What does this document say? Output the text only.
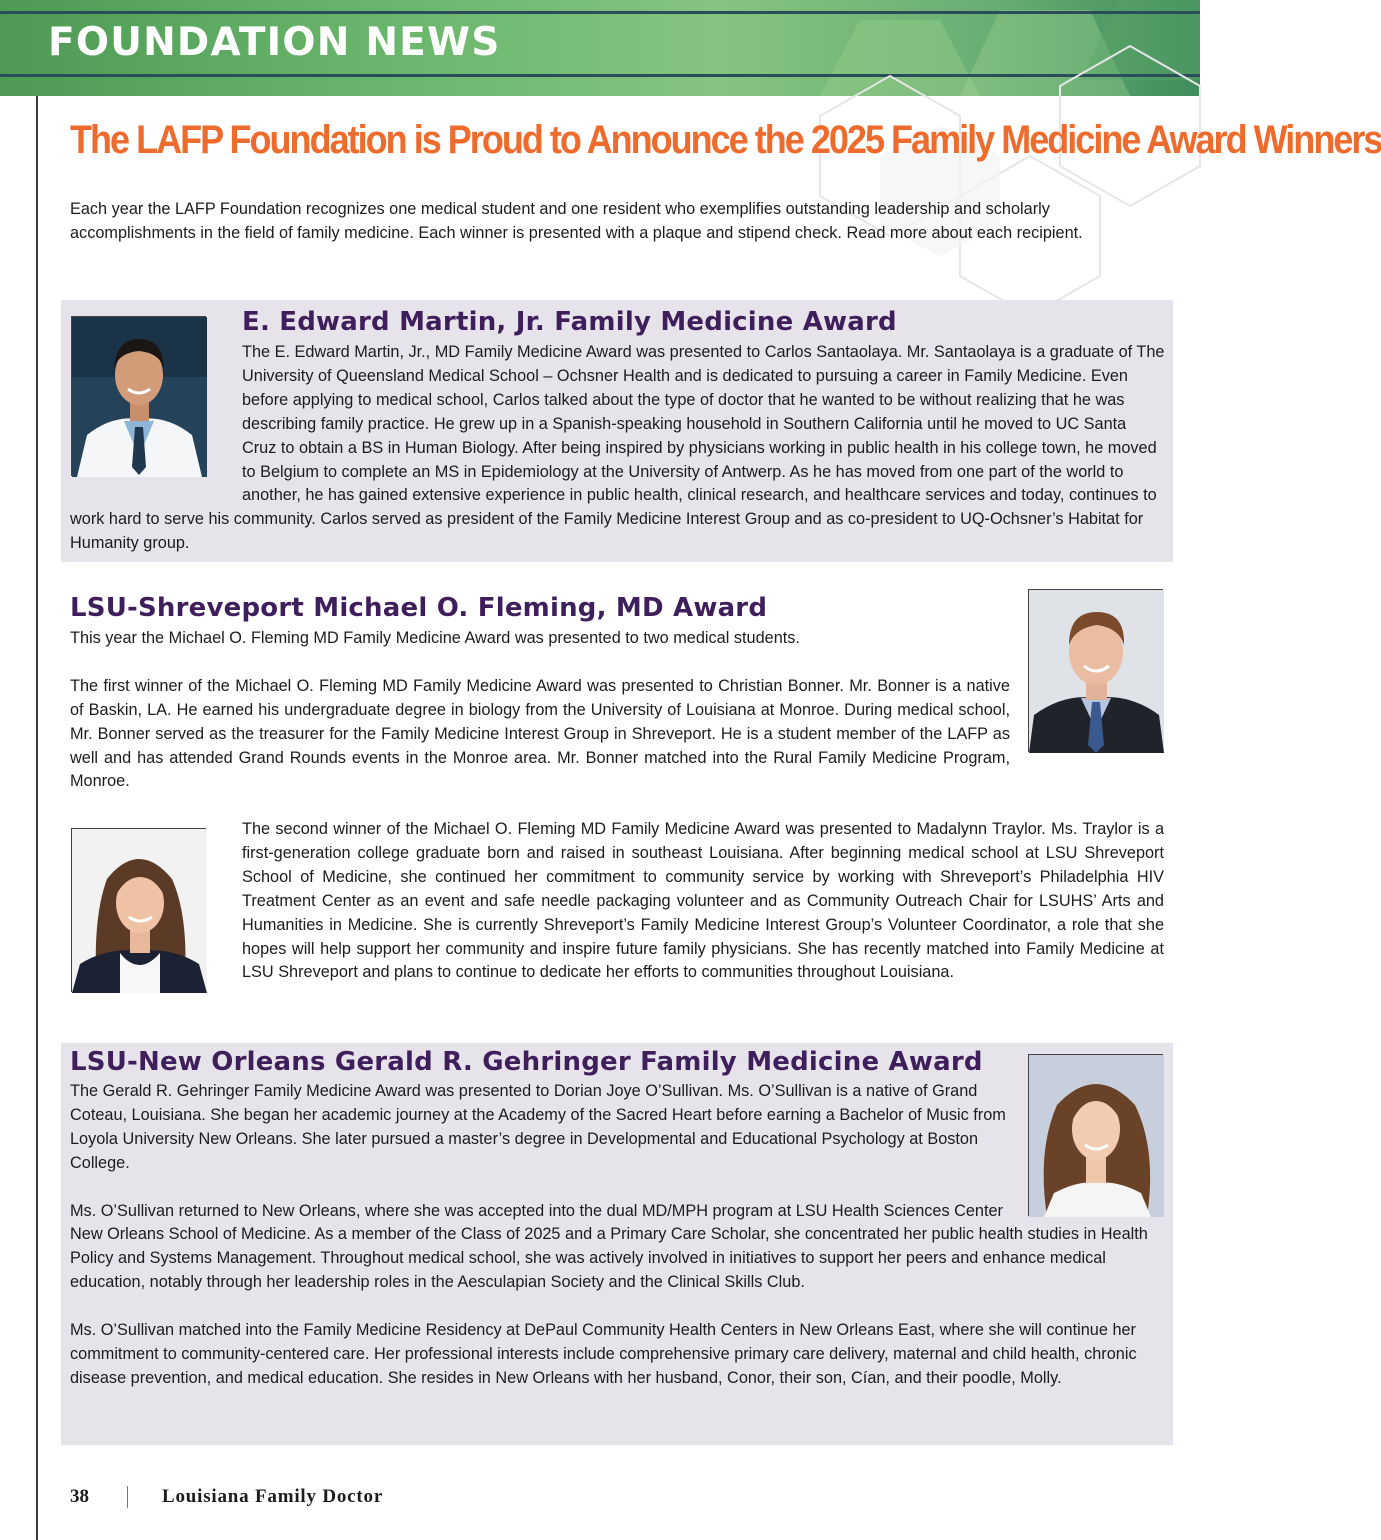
FOUNDATION NEWS
The LAFP Foundation is Proud to Announce the 2025 Family Medicine Award Winners
Each year the LAFP Foundation recognizes one medical student and one resident who exemplifies outstanding leadership and scholarly accomplishments in the field of family medicine. Each winner is presented with a plaque and stipend check. Read more about each recipient.
E. Edward Martin, Jr. Family Medicine Award

The E. Edward Martin, Jr., MD Family Medicine Award was presented to Carlos Santaolaya. Mr. Santaolaya is a graduate of The University of Queensland Medical School – Ochsner Health and is dedicated to pursuing a career in Family Medicine. Even before applying to medical school, Carlos talked about the type of doctor that he wanted to be without realizing that he was describing family practice. He grew up in a Spanish-speaking household in Southern California until he moved to UC Santa Cruz to obtain a BS in Human Biology. After being inspired by physicians working in public health in his college town, he moved to Belgium to complete an MS in Epidemiology at the University of Antwerp. As he has moved from one part of the world to another, he has gained extensive experience in public health, clinical research, and healthcare services and today, continues to work hard to serve his community. Carlos served as president of the Family Medicine Interest Group and as co-president to UQ-Ochsner’s Habitat for Humanity group.

LSU-Shreveport Michael O. Fleming, MD Award

This year the Michael O. Fleming MD Family Medicine Award was presented to two medical students.

The first winner of the Michael O. Fleming MD Family Medicine Award was presented to Christian Bonner. Mr. Bonner is a native of Baskin, LA. He earned his undergraduate degree in biology from the University of Louisiana at Monroe. During medical school, Mr. Bonner served as the treasurer for the Family Medicine Interest Group in Shreveport. He is a student member of the LAFP as well and has attended Grand Rounds events in the Monroe area. Mr. Bonner matched into the Rural Family Medicine Program, Monroe.

The second winner of the Michael O. Fleming MD Family Medicine Award was presented to Madalynn Traylor. Ms. Traylor is a first-generation college graduate born and raised in southeast Louisiana. After beginning medical school at LSU Shreveport School of Medicine, she continued her commitment to community service by working with Shreveport’s Philadelphia HIV Treatment Center as an event and safe needle packaging volunteer and as Community Outreach Chair for LSUHS’ Arts and Humanities in Medicine. She is currently Shreveport’s Family Medicine Interest Group’s Volunteer Coordinator, a role that she hopes will help support her community and inspire future family physicians. She has recently matched into Family Medicine at LSU Shreveport and plans to continue to dedicate her efforts to communities throughout Louisiana.

LSU-New Orleans Gerald R. Gehringer Family Medicine Award

The Gerald R. Gehringer Family Medicine Award was presented to Dorian Joye O’Sullivan. Ms. O’Sullivan is a native of Grand Coteau, Louisiana. She began her academic journey at the Academy of the Sacred Heart before earning a Bachelor of Music from Loyola University New Orleans. She later pursued a master’s degree in Developmental and Educational Psychology at Boston College.

Ms. O’Sullivan returned to New Orleans, where she was accepted into the dual MD/MPH program at LSU Health Sciences Center New Orleans School of Medicine. As a member of the Class of 2025 and a Primary Care Scholar, she concentrated her public health studies in Health Policy and Systems Management. Throughout medical school, she was actively involved in initiatives to support her peers and enhance medical education, notably through her leadership roles in the Aesculapian Society and the Clinical Skills Club.

Ms. O’Sullivan matched into the Family Medicine Residency at DePaul Community Health Centers in New Orleans East, where she will continue her commitment to community-centered care. Her professional interests include comprehensive primary care delivery, maternal and child health, chronic disease prevention, and medical education. She resides in New Orleans with her husband, Conor, their son, Cían, and their poodle, Molly.

38	Louisiana Family Doctor
